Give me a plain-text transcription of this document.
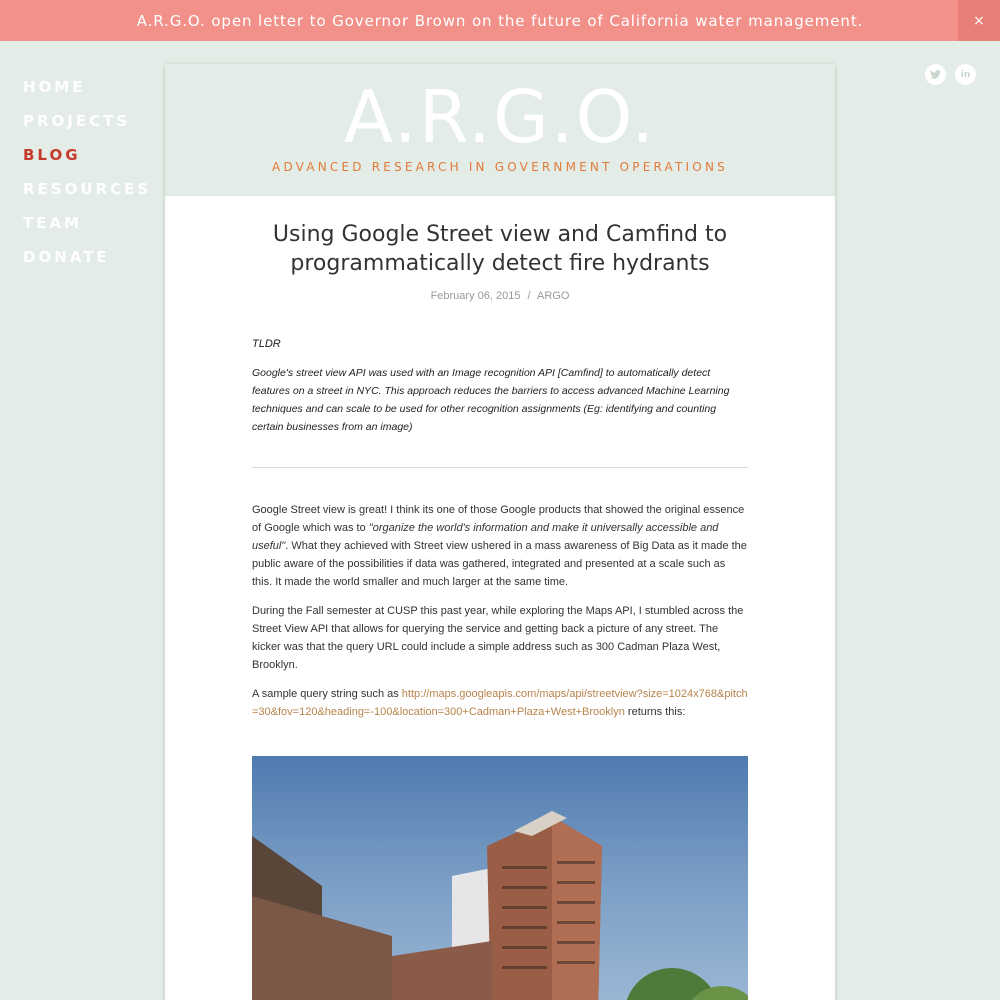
A.R.G.O. open letter to Governor Brown on the future of California water management.	×
HOME
PROJECTS
BLOG
RESOURCES
TEAM
DONATE
in
A.R.G.O.
ADVANCED RESEARCH IN GOVERNMENT OPERATIONS
Using Google Street view and Camfind to programmatically detect fire hydrants
February 06, 2015 / ARGO

TLDR

Google's street view API was used with an Image recognition API [Camfind] to automatically detect features on a street in NYC. This approach reduces the barriers to access advanced Machine Learning techniques and can scale to be used for other recognition assignments (Eg: identifying and counting certain businesses from an image)

Google Street view is great! I think its one of those Google products that showed the original essence of Google which was to "organize the world's information and make it universally accessible and useful". What they achieved with Street view ushered in a mass awareness of Big Data as it made the public aware of the possibilities if data was gathered, integrated and presented at a scale such as this. It made the world smaller and much larger at the same time.

During the Fall semester at CUSP this past year, while exploring the Maps API, I stumbled across the Street View API that allows for querying the service and getting back a picture of any street. The kicker was that the query URL could include a simple address such as 300 Cadman Plaza West, Brooklyn.

A sample query string such as http://maps.googleapis.com/maps/api/streetview?size=1024x768&pitch=30&fov=120&heading=-100&location=300+Cadman+Plaza+West+Brooklyn returns this:
